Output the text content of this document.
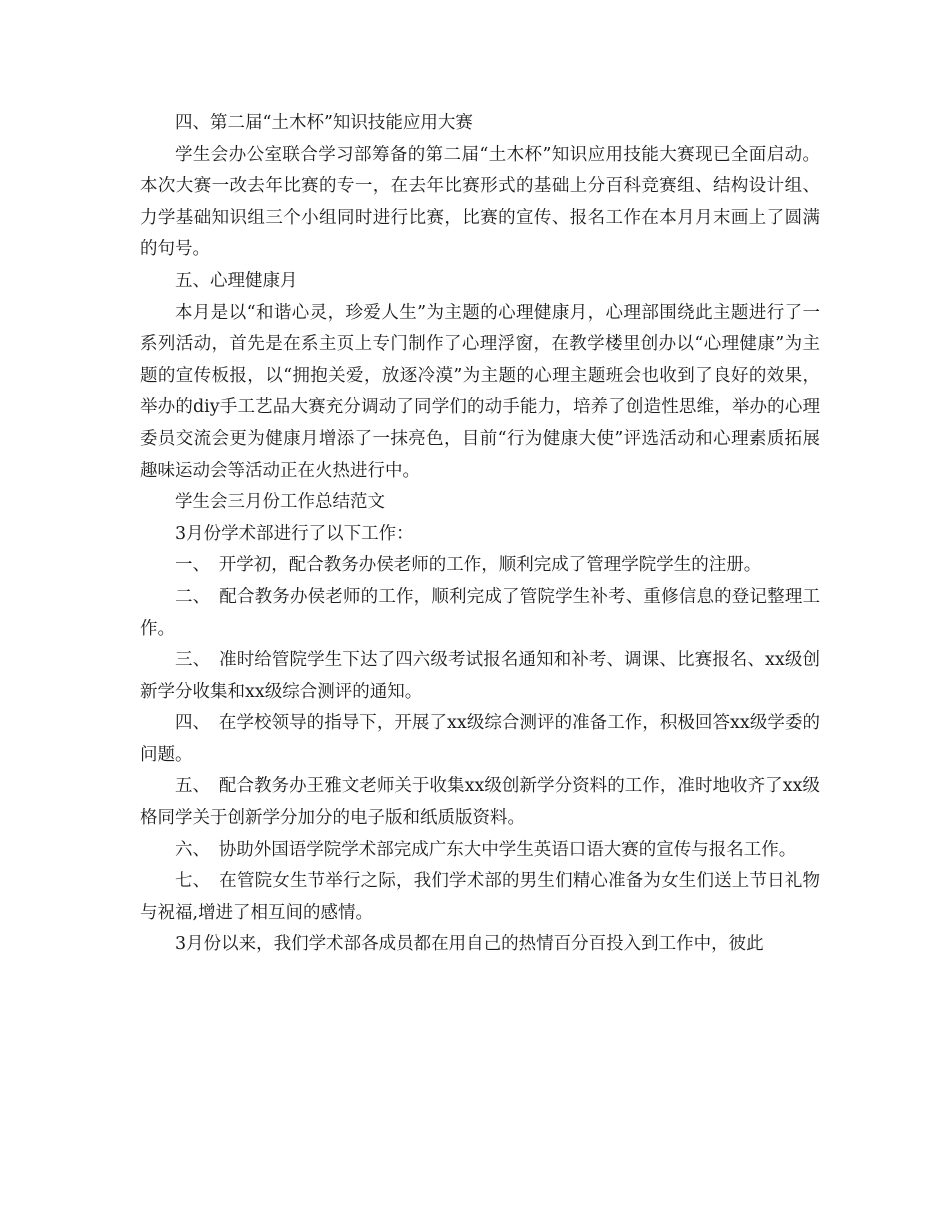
四、第二届“土木杯”知识技能应用大赛

学生会办公室联合学习部筹备的第二届“土木杯”知识应用技能大赛现已全面启动。本次大赛一改去年比赛的专一，在去年比赛形式的基础上分百科竞赛组、结构设计组、力学基础知识组三个小组同时进行比赛，比赛的宣传、报名工作在本月月末画上了圆满的句号。

五、心理健康月

本月是以“和谐心灵，珍爱人生”为主题的心理健康月，心理部围绕此主题进行了一系列活动，首先是在系主页上专门制作了心理浮窗，在教学楼里创办以“心理健康”为主题的宣传板报，以“拥抱关爱，放逐冷漠”为主题的心理主题班会也收到了良好的效果，举办的diy手工艺品大赛充分调动了同学们的动手能力，培养了创造性思维，举办的心理委员交流会更为健康月增添了一抹亮色，目前“行为健康大使”评选活动和心理素质拓展趣味运动会等活动正在火热进行中。

学生会三月份工作总结范文

3月份学术部进行了以下工作：

一、　开学初，配合教务办侯老师的工作，顺利完成了管理学院学生的注册。

二、　配合教务办侯老师的工作，顺利完成了管院学生补考、重修信息的登记整理工作。

三、　准时给管院学生下达了四六级考试报名通知和补考、调课、比赛报名、xx级创新学分收集和xx级综合测评的通知。

四、　在学校领导的指导下，开展了xx级综合测评的准备工作，积极回答xx级学委的问题。

五、　配合教务办王雅文老师关于收集xx级创新学分资料的工作，准时地收齐了xx级格同学关于创新学分加分的电子版和纸质版资料。

六、　协助外国语学院学术部完成广东大中学生英语口语大赛的宣传与报名工作。

七、　在管院女生节举行之际，我们学术部的男生们精心准备为女生们送上节日礼物与祝福,增进了相互间的感情。

3月份以来，我们学术部各成员都在用自己的热情百分百投入到工作中，彼此
